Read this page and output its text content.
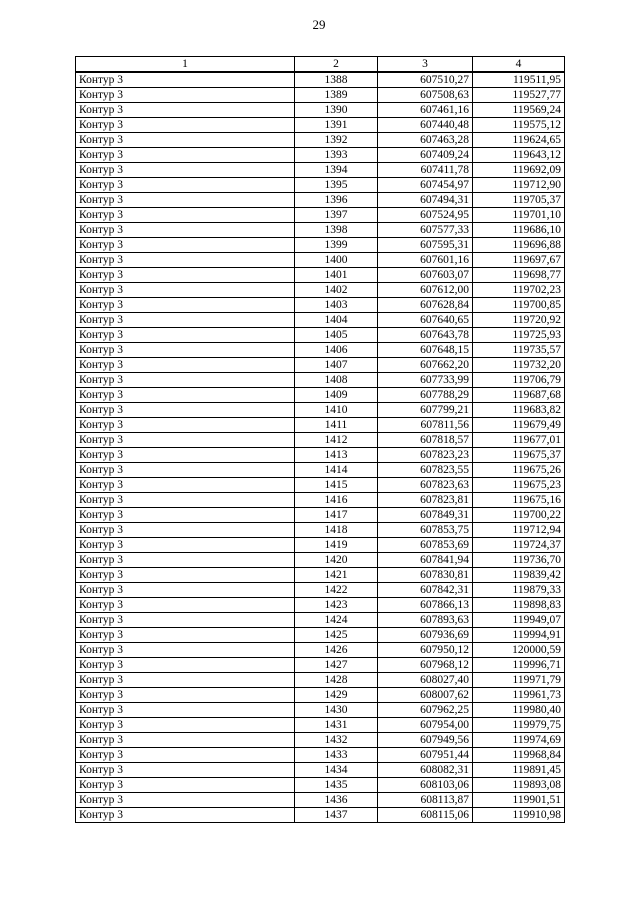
29
1	2	3	4
Контур 3	1388	607510,27	119511,95
Контур 3	1389	607508,63	119527,77
Контур 3	1390	607461,16	119569,24
Контур 3	1391	607440,48	119575,12
Контур 3	1392	607463,28	119624,65
Контур 3	1393	607409,24	119643,12
Контур 3	1394	607411,78	119692,09
Контур 3	1395	607454,97	119712,90
Контур 3	1396	607494,31	119705,37
Контур 3	1397	607524,95	119701,10
Контур 3	1398	607577,33	119686,10
Контур 3	1399	607595,31	119696,88
Контур 3	1400	607601,16	119697,67
Контур 3	1401	607603,07	119698,77
Контур 3	1402	607612,00	119702,23
Контур 3	1403	607628,84	119700,85
Контур 3	1404	607640,65	119720,92
Контур 3	1405	607643,78	119725,93
Контур 3	1406	607648,15	119735,57
Контур 3	1407	607662,20	119732,20
Контур 3	1408	607733,99	119706,79
Контур 3	1409	607788,29	119687,68
Контур 3	1410	607799,21	119683,82
Контур 3	1411	607811,56	119679,49
Контур 3	1412	607818,57	119677,01
Контур 3	1413	607823,23	119675,37
Контур 3	1414	607823,55	119675,26
Контур 3	1415	607823,63	119675,23
Контур 3	1416	607823,81	119675,16
Контур 3	1417	607849,31	119700,22
Контур 3	1418	607853,75	119712,94
Контур 3	1419	607853,69	119724,37
Контур 3	1420	607841,94	119736,70
Контур 3	1421	607830,81	119839,42
Контур 3	1422	607842,31	119879,33
Контур 3	1423	607866,13	119898,83
Контур 3	1424	607893,63	119949,07
Контур 3	1425	607936,69	119994,91
Контур 3	1426	607950,12	120000,59
Контур 3	1427	607968,12	119996,71
Контур 3	1428	608027,40	119971,79
Контур 3	1429	608007,62	119961,73
Контур 3	1430	607962,25	119980,40
Контур 3	1431	607954,00	119979,75
Контур 3	1432	607949,56	119974,69
Контур 3	1433	607951,44	119968,84
Контур 3	1434	608082,31	119891,45
Контур 3	1435	608103,06	119893,08
Контур 3	1436	608113,87	119901,51
Контур 3	1437	608115,06	119910,98
